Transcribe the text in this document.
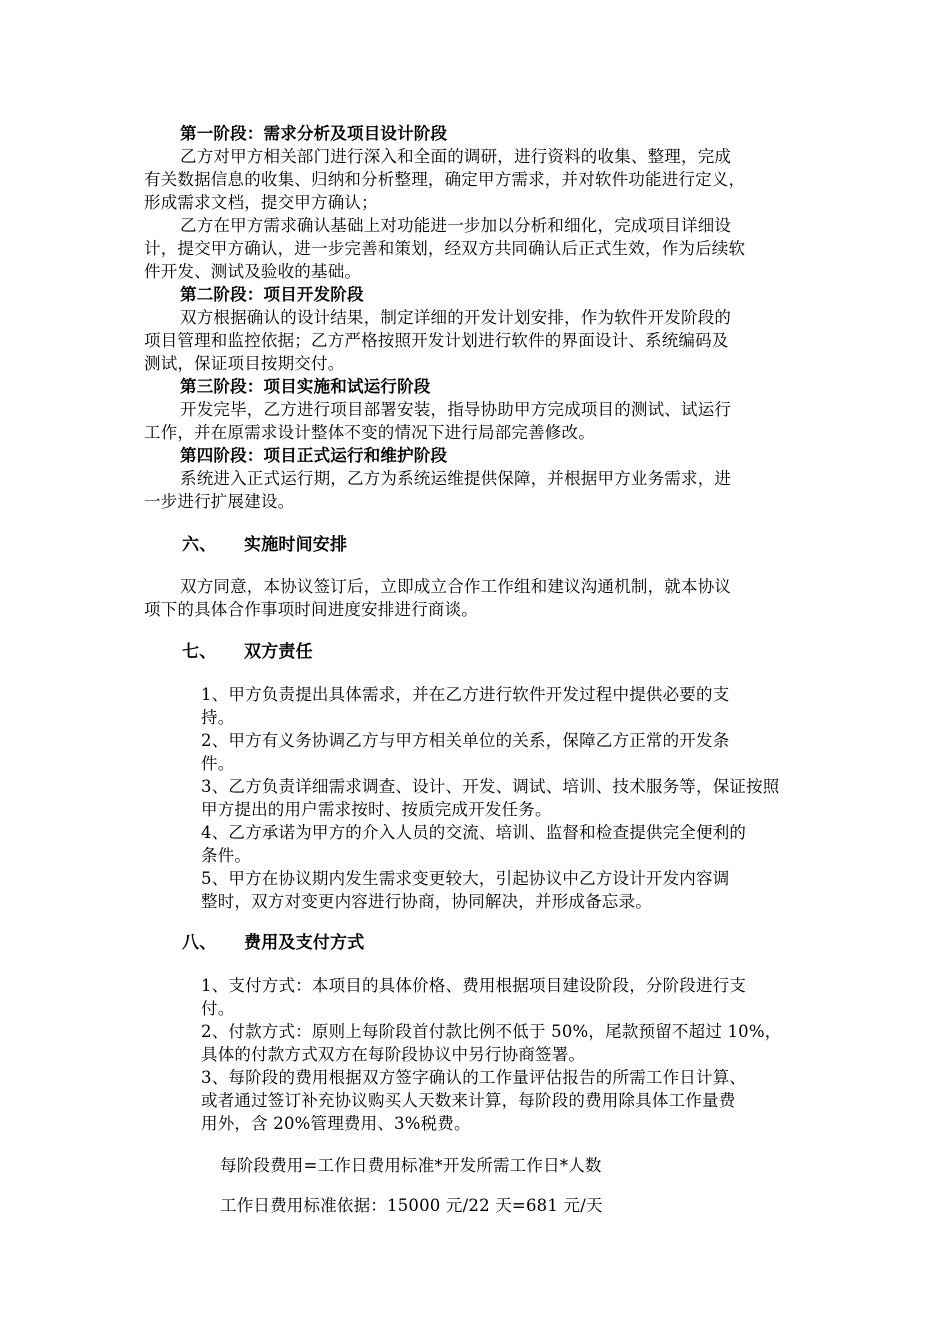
第一阶段：需求分析及项目设计阶段

乙方对甲方相关部门进行深入和全面的调研，进行资料的收集、整理，完成

有关数据信息的收集、归纳和分析整理，确定甲方需求，并对软件功能进行定义，

形成需求文档，提交甲方确认；

乙方在甲方需求确认基础上对功能进一步加以分析和细化，完成项目详细设

计，提交甲方确认，进一步完善和策划，经双方共同确认后正式生效，作为后续软

件开发、测试及验收的基础。

第二阶段：项目开发阶段

双方根据确认的设计结果，制定详细的开发计划安排，作为软件开发阶段的

项目管理和监控依据；乙方严格按照开发计划进行软件的界面设计、系统编码及

测试，保证项目按期交付。

第三阶段：项目实施和试运行阶段

开发完毕，乙方进行项目部署安装，指导协助甲方完成项目的测试、试运行

工作，并在原需求设计整体不变的情况下进行局部完善修改。

第四阶段：项目正式运行和维护阶段

系统进入正式运行期，乙方为系统运维提供保障，并根据甲方业务需求，进

一步进行扩展建设。

六、 实施时间安排

双方同意，本协议签订后，立即成立合作工作组和建议沟通机制，就本协议

项下的具体合作事项时间进度安排进行商谈。

七、 双方责任

1、甲方负责提出具体需求，并在乙方进行软件开发过程中提供必要的支

持。

2、甲方有义务协调乙方与甲方相关单位的关系，保障乙方正常的开发条

件。

3、乙方负责详细需求调查、设计、开发、调试、培训、技术服务等，保证按照

甲方提出的用户需求按时、按质完成开发任务。

4、乙方承诺为甲方的介入人员的交流、培训、监督和检查提供完全便利的

条件。

5、甲方在协议期内发生需求变更较大，引起协议中乙方设计开发内容调

整时，双方对变更内容进行协商，协同解决，并形成备忘录。

八、 费用及支付方式

1、支付方式：本项目的具体价格、费用根据项目建设阶段，分阶段进行支

付。

2、付款方式：原则上每阶段首付款比例不低于 50%，尾款预留不超过 10%，

具体的付款方式双方在每阶段协议中另行协商签署。

3、每阶段的费用根据双方签字确认的工作量评估报告的所需工作日计算、

或者通过签订补充协议购买人天数来计算，每阶段的费用除具体工作量费

用外，含 20%管理费用、3%税费。

每阶段费用=工作日费用标准*开发所需工作日*人数

工作日费用标准依据：15000 元/22 天=681 元/天
